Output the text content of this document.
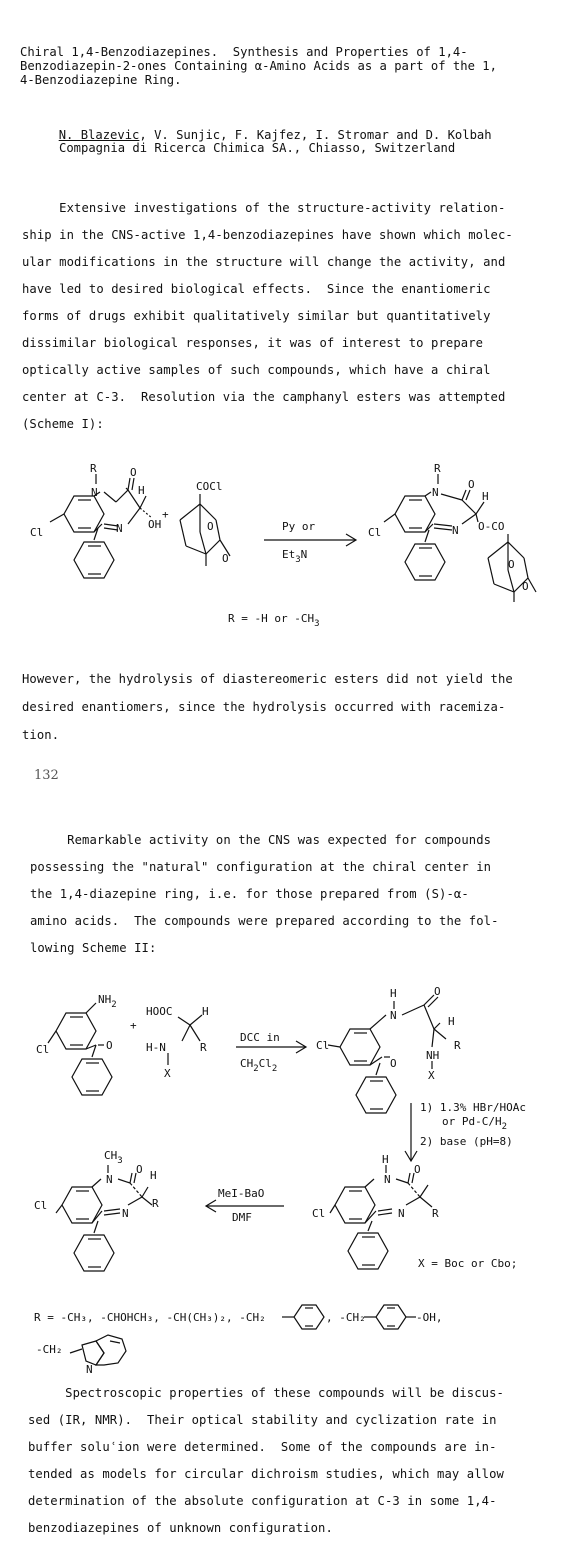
Chiral 1,4-Benzodiazepines.  Synthesis and Properties of 1,4-
Benzodiazepin-2-ones Containing α-Amino Acids as a part of the 1,
4-Benzodiazepine Ring.

N. Blazevic, V. Sunjic, F. Kajfez, I. Stromar and D. Kolbah

Compagnia di Ricerca Chimica SA., Chiasso, Switzerland
Extensive investigations of the structure-activity relation-
ship in the CNS-active 1,4-benzodiazepines have shown which molec-
ular modifications in the structure will change the activity, and
have led to desired biological effects.  Since the enantiomeric
forms of drugs exhibit qualitatively similar but quantitatively
dissimilar biological responses, it was of interest to prepare
optically active samples of such compounds, which have a chiral
center at C-3.  Resolution via the camphanyl esters was attempted
(Scheme I):
R
N
O
H
N OH
Cl
+
COCl
O
O
Py or
$Et_3N$
R
N
O
H
N O-CO
Cl
O
O
R = -H or $-CH_3$
However, the hydrolysis of diastereomeric esters did not yield the
desired enantiomers, since the hydrolysis occurred with racemiza-
tion.
132
Remarkable activity on the CNS was expected for compounds
possessing the "natural" configuration at the chiral center in
the 1,4-diazepine ring, i.e. for those prepared from (S)-α-
amino acids.  The compounds were prepared according to the fol-
lowing Scheme II:
$NH_2$
O
Cl
+
HOOC	H
H-N	R
X
DCC in
$CH_2Cl_2$
Cl
H
N
O
H
R
NH
X
O
1) 1.3% HBr/HOAc
or $Pd-C/H_2$
2) base (pH=8)
H
N
O
N R
Cl
MeI-BaO
DMF
$CH_3$
N
O H
N
R
Cl
X = Boc or Cbo;
R = -CH₃, -CHOHCH₃, -CH(CH₃)₂, -CH₂	, -CH₂	-OH,
-CH₂
N
Spectroscopic properties of these compounds will be discus-
sed (IR, NMR).  Their optical stability and cyclization rate in
buffer soluʿion were determined.  Some of the compounds are in-
tended as models for circular dichroism studies, which may allow
determination of the absolute configuration at C-3 in some 1,4-
benzodiazepines of unknown configuration.
